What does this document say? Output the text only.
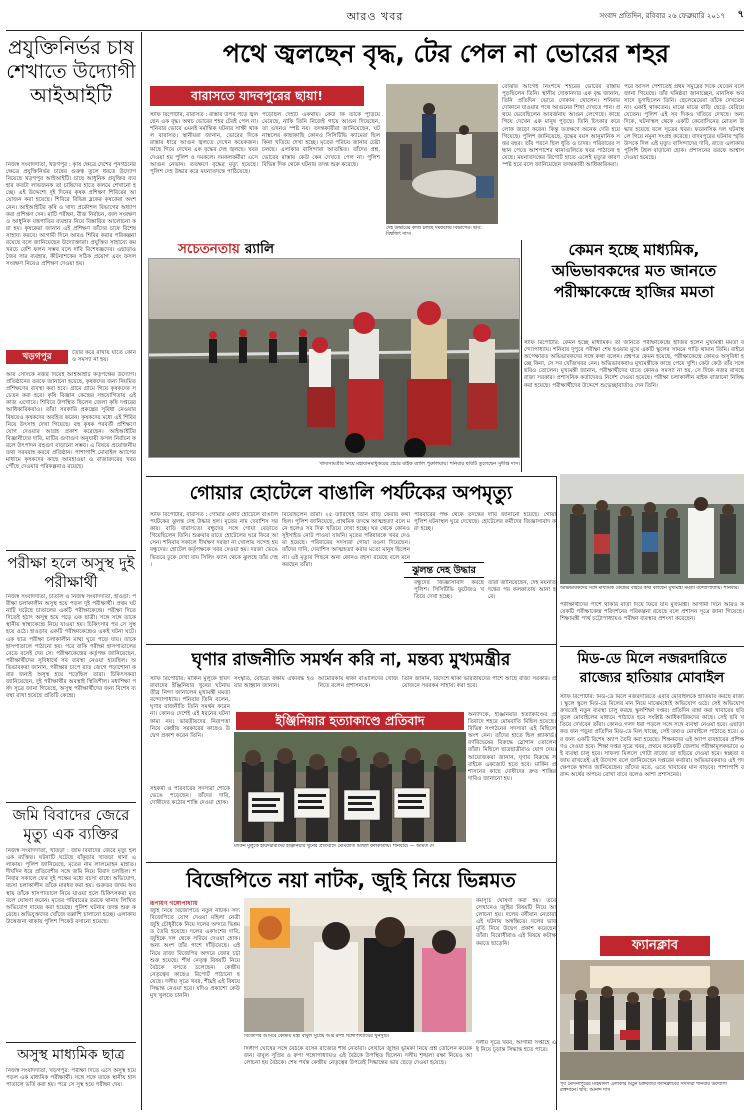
আরও খবর	সংবাদ প্রতিদিন, রবিবার ২৬ ফেব্রুয়ারি ২০১৭	৭
প্রযুক্তিনির্ভর চাষ শেখাতে উদ্যোগী আইআইটি
নিজস্ব সংবাদদাতা, খড়গপুর : কৃষি ক্ষেত্রে দেশের পুনর্গঠনের ক্ষেত্রে প্রযুক্তিনির্ভর চাষের গুরুত্ব তুলে ধরতে উদ্যোগ নিয়েছে খড়গপুর আইআইটি। চাষে আধুনিক প্রযুক্তির ব্যবহার কতটা লাভজনক তা চাষিদের হাতে কলমে শেখানো হচ্ছে। এই উদ্দেশ্যে দুই দিনের কৃষক প্রশিক্ষণ শিবিরের আয়োজন করা হয়েছে। শিবিরে বিভিন্ন ব্লকের কৃষকেরা অংশ নেন। আইআইটির কৃষি ও খাদ্য প্রকৌশল বিভাগের অধ্যাপকরা প্রশিক্ষণ দেন। মাটি পরীক্ষা, বীজ নির্বাচন, জল সংরক্ষণ ও আধুনিক যন্ত্রপাতির ব্যবহার নিয়ে বিস্তারিত আলোচনা করা হয়। কৃষকেরা জানান এই প্রশিক্ষণ তাঁদের চাষে বিশেষ সাহায্য করবে। আগামী দিনে আরও শিবির করার পরিকল্পনা রয়েছে বলে জানিয়েছেন উদ্যোক্তারা। প্রযুক্তির সাহায্যে কম খরচে বেশি ফলন সম্ভব বলে দাবি বিশেষজ্ঞদের। এছাড়াও জৈব সার ব্যবহার, কীটনাশকের সঠিক প্রয়োগ এবং ফসল সংরক্ষণ নিয়েও প্রশিক্ষণ দেওয়া হয়।
খড়গপুর	তৈরি করে রাখায় যাতে কোনও সমস্যা না হয়।
আর সেদিকে নজর দিয়েই আইআইটি কর্তৃপক্ষের উদ্যোগ। প্রতিষ্ঠানের তরফে জানানো হয়েছে, কৃষকদের জন্য নিয়মিত প্রশিক্ষণের ব্যবস্থা করা হবে। গ্রামে গ্রামে গিয়ে কৃষকদের সচেতন করা হবে। কৃষি বিজ্ঞান কেন্দ্রের সহযোগিতায় এই কাজ এগোবে। শিবিরে উপস্থিত ছিলেন জেলা কৃষি দপ্তরের আধিকারিকরাও। তাঁরা সরকারি প্রকল্পের সুবিধা নেওয়ার বিষয়েও কৃষকদের অবহিত করেন। কৃষকদের মধ্যে এই শিবির নিয়ে উৎসাহ দেখা গিয়েছে। বহু কৃষক পরবর্তী প্রশিক্ষণে যোগ দেওয়ার আগ্রহ প্রকাশ করেছেন। আইআইটির বিজ্ঞানীদের দাবি, মাটির গুণাগুণ অনুযায়ী ফসল নির্বাচন করলে উৎপাদন বহুগুণ বাড়ানো সম্ভব। এ বিষয়ে প্রয়োজনীয় তথ্য সরবরাহ করবে প্রতিষ্ঠান। পাশাপাশি মোবাইল অ্যাপের মাধ্যমে কৃষকদের কাছে আবহাওয়া ও বাজারদরের খবর পৌঁছে দেওয়ার পরিকল্পনাও রয়েছে।
পরীক্ষা হলে অসুস্থ দুই পরীক্ষার্থী
নিজস্ব সংবাদদাতা, চাতাল ও নিজস্ব সংবাদদাতা, হাওড়া: পরীক্ষা চলাকালীন অসুস্থ হয়ে পড়ল দুই পরীক্ষার্থী। প্রথম ঘটনাটি ঘটেছে চাতালের একটি পরীক্ষাকেন্দ্রে। পরীক্ষা দিতে দিতেই হঠাৎ অসুস্থ হয়ে পড়ে এক ছাত্রী। সঙ্গে সঙ্গে তাকে স্থানীয় স্বাস্থ্যকেন্দ্রে নিয়ে যাওয়া হয়। চিকিৎসার পর সে সুস্থ হয়ে ওঠে। হাওড়ার একটি পরীক্ষাকেন্দ্রেও একই ঘটনা ঘটে। এক ছাত্র পরীক্ষা চলাকালীন মাথা ঘুরে পড়ে যায়। তাকে হাসপাতালে পাঠানো হয়। পরে বাকি পরীক্ষা হাসপাতালের বেডে বসেই দেয় সে। পরীক্ষাকেন্দ্রের কর্তৃপক্ষ জানিয়েছেন, পরীক্ষার্থীদের সুবিধার্থে সব ব্যবস্থা নেওয়া হয়েছিল। অভিভাবকরা জানান, পরীক্ষার চাপে রাত জেগে পড়াশোনা করার জন্যই অসুস্থ হয়ে পড়েছিল তারা। চিকিৎসকরা জানিয়েছেন, দুই পরীক্ষার্থীর অবস্থাই স্থিতিশীল। মধ্যশিক্ষা পর্ষদ সূত্রে জানা গিয়েছে, অসুস্থ পরীক্ষার্থীদের জন্য বিশেষ ব্যবস্থা রাখা হয়েছে প্রতিটি কেন্দ্রে।
জমি বিবাদের জেরে মৃত্যু এক ব্যক্তির
নিজস্ব সংবাদদাতা, খাতড়া : জমি বিবাদের জেরে মৃত্যু হল এক ব্যক্তির। ঘটনাটি ঘটেছে বাঁকুড়ার খাতড়া থানা এলাকায়। পুলিশ জানিয়েছে, মৃতের নাম লালমোহন মাহাত। দীর্ঘদিন ধরে প্রতিবেশীর সঙ্গে জমি নিয়ে বিবাদ চলছিল। শনিবার সকালে ফের দুই পক্ষের মধ্যে বচসা বাধে। অভিযোগ, বচসা চলাকালীন তাঁকে মারধর করা হয়। গুরুতর জখম অবস্থায় তাঁকে হাসপাতালে নিয়ে যাওয়া হলে চিকিৎসকরা মৃত বলে ঘোষণা করেন। মৃতের পরিবারের তরফে থানায় লিখিত অভিযোগ দায়ের করা হয়েছে। পুলিশ ঘটনার তদন্ত শুরু করেছে। অভিযুক্তদের খোঁজে তল্লাশি চালানো হচ্ছে। এলাকায় উত্তেজনা থাকায় পুলিশ পিকেট বসানো হয়েছে।
অসুস্থ মাধ্যমিক ছাত্র
নিজস্ব সংবাদদাতা, খড়গপুর: পরীক্ষা দিতে এসে অসুস্থ হয়ে পড়ল এক মাধ্যমিক পরীক্ষার্থী। সঙ্গে সঙ্গে তাকে স্থানীয় হাসপাতালে ভর্তি করা হয়। পরে সে সুস্থ হয়ে পরীক্ষা দেয়।
পথে জ্বলছেন বৃদ্ধ, টের পেল না ভোরের শহর
বারাসতে যাদবপুরের ছায়া!
স্টাফ রিপোর্টার, বারাসত : রাস্তার উপর পড়ে জ্বলছেন এক বৃদ্ধ। অথচ ভোরের শহর টেরই পেল না। শনিবার ভোরে এমনই মর্মান্তিক ঘটনার সাক্ষী থাকল বারাসত। স্থানীয়রা জানান, ভোরের দিকে রাস্তার ধারে আগুন জ্বলতে দেখেন কয়েকজন। কাছে গিয়ে দেখেন এক বৃদ্ধের দেহ জ্বলছে। খবর দেওয়া হয় পুলিশ ও দমকলে। দমকলকর্মীরা এসে আগুন নেভান। ততক্ষণে বৃদ্ধের মৃত্যু হয়েছে। পুলিশ দেহ উদ্ধার করে ময়নাতদন্তে পাঠিয়েছে।
পড়েছিল দেহটি একথায়। কেউ কি তাঁকে পুড়িয়ে মেরেছে, নাকি তিনি নিজেই গায়ে আগুন দিয়েছেন, তা এখনও স্পষ্ট নয়। তদন্তকারীরা জানিয়েছেন, ঘটনাস্থলের কাছাকাছি কোনও সিসিটিভি ক্যামেরা ছিল কিনা খতিয়ে দেখা হচ্ছে। মৃতের পরিচয় জানার চেষ্টা চলছে। এলাকার বাসিন্দারা আতঙ্কিত। তাঁদের প্রশ্ন, ভোরের রাস্তায় কেউ কেন দেখতে পেল না। পুলিশ বিভিন্ন দিক থেকে ঘটনার তদন্ত শুরু করেছে।
দেহ উদ্ধারের কাজ চলছে দমকলের বিভাগের। ছবি: বিশ্বজিৎ দাস।
বোঝার আগেই নিঃশব্দে শহরের ভোরের রাস্তায় পুড়ছিলেন তিনি। স্থানীয় দোকানদার এক বৃদ্ধ জানান, তিনি প্রতিদিন ভোরে দোকান খোলেন। শনিবার দোকানে যাওয়ার পথে আগুনের শিখা দেখতে পান। প্রথমে ভেবেছিলেন আবর্জনায় আগুন লেগেছে। কাছে গিয়ে দেখেন এক মানুষ পুড়ছে। তিনি চিৎকার করে লোক জড়ো করেন। কিন্তু ততক্ষণে অনেক দেরি হয়ে গিয়েছে। পুলিশ জানিয়েছে, বৃদ্ধের বয়স আনুমানিক সত্তর বছর। তাঁর পরনে ছিল ধুতি ও চাদর। পরিবারের সন্ধান পেতে আশপাশের থানাগুলিতে খবর পাঠানো হয়েছে। ময়নাতদন্তের রিপোর্ট হাতে এলেই মৃত্যুর কারণ স্পষ্ট হবে বলে জানিয়েছেন তদন্তকারী আধিকারিকরা।
পরে আসল পেশাতেই প্রথম সমুদ্রের দিকে যেতেন বলে জানা গিয়েছে। তাঁর ঘনিষ্ঠরা জানাচ্ছেন, মানসিক অবসাদে ভুগছিলেন তিনি। ছেলেমেয়েরা তাঁকে দেখতেন না। একাই থাকতেন। মাঝে মাঝে বাড়ি ছেড়ে বেরিয়ে যেতেন। পুলিশ এই সব দিকও খতিয়ে দেখছে। অন্যদিকে, ঘটনাস্থল থেকে একটি কেরোসিনের বোতল উদ্ধার হয়েছে বলে সূত্রের খবর। ফরেনসিক দল ঘটনাস্থলে গিয়ে নমুনা সংগ্রহ করেছে। যাদবপুরের ঘটনার স্মৃতি উসকে দিল এই মৃত্যু। বাসিন্দাদের দাবি, রাতে এলাকায় পুলিশি টহল বাড়ানো হোক। প্রশাসনের তরফে আশ্বাস দেওয়া হয়েছে।
সচেতনতায় র‌্যালি
খাদ্যসামগ্রীর নিয়ে মহাযানমাধুকরের প্রচার বাইক র‌্যালি পুরুলিয়ায়। শনিবার ছবিটি তুলেছেন সুদীপ্ত দাস।
কেমন হচ্ছে মাধ্যমিক, অভিভাবকদের মত জানতে পরীক্ষাকেন্দ্রে হাজির মমতা
স্টাফ রিপোর্টার: কেমন হচ্ছে মাধ্যমিক। তা জানতে পরীক্ষাকেন্দ্রে হাজির হলেন মুখ্যমন্ত্রী মমতা বন্দ্যোপাধ্যায়। শনিবার দুপুরে পরীক্ষা শেষ হওয়ার মুখে একটি স্কুলের সামনে গাড়ি থামান তিনি। বাইরে অপেক্ষারত অভিভাবকদের সঙ্গে কথা বলেন। প্রশ্নপত্র কেমন হয়েছে, পরীক্ষাকেন্দ্রে কোনও অসুবিধা হচ্ছে কিনা, সে সব খোঁজখবর নেন। অভিভাবকরাও মুখ্যমন্ত্রীকে কাছে পেয়ে খুশি। কেউ কেউ তাঁর সঙ্গে ছবিও তোলেন। মুখ্যমন্ত্রী জানান, পরীক্ষার্থীদের যাতে কোনও সমস্যা না হয়, সে দিকে নজর রাখছে রাজ্য সরকার। প্রশাসনিক কর্তাদেরও নির্দেশ দেওয়া হয়েছে। পরীক্ষা চলাকালীন মাইক বাজানো নিষিদ্ধ করা হয়েছে। পরীক্ষার্থীদের উদ্দেশে শুভেচ্ছাবার্তাও দেন তিনি।
অভিভাবকদের সঙ্গে মাধ্যমিক কেন্দ্রের বাইরে কথা বলছেন মুখ্যমন্ত্রী মমতা বন্দ্যোপাধ্যায়। শনিবার।
পরীক্ষার্থীদের পাশে থাকার বার্তা দিয়ে ফিরে যান মুখ্যমন্ত্রী। আগামী দিনে আরও কয়েকটি পরীক্ষাকেন্দ্র পরিদর্শনের পরিকল্পনা রয়েছে বলে প্রশাসন সূত্রে জানা গিয়েছে। শিক্ষামন্ত্রী পার্থ চট্টোপাধ্যায়ও পরীক্ষা ব্যবস্থার প্রশংসা করেছেন।
গোয়ার হোটেলে বাঙালি পর্যটকের অপমৃত্যু
স্টাফ রিপোর্টার, বারাসত : গোয়ার একটি হোটেলে বাঙালি পর্যটকের ঝুলন্ত দেহ উদ্ধার হল। মৃতের নাম দেবাশিস সরকার। বাড়ি বারাসতে। বন্ধুদের সঙ্গে গোয়া বেড়াতে গিয়েছিলেন তিনি। শুক্রবার রাতে হোটেলের ঘরে ফিরে আসেন। শনিবার সকালে দীর্ঘক্ষণ দরজা না খোলায় সন্দেহ হয় বন্ধুদের। হোটেল কর্তৃপক্ষকে খবর দেওয়া হয়। দরজা ভেঙে ভিতরে ঢুকে দেখা যায় সিলিং ফ্যান থেকে ঝুলছে তাঁর দেহ।
বিয়েছিলেন তাঁরা। ২৫ তারিখেই তিনি বাড়ি ফেরার কথা ছিল। পুলিশ জানিয়েছে, প্রাথমিক তদন্তে আত্মহত্যা বলে মনে হলেও সব দিক খতিয়ে দেখা হচ্ছে। ঘর থেকে কোনও সুইসাইড নোট পাওয়া যায়নি। মৃতের পরিবারকে খবর দেওয়া হয়েছে। পরিবারের সদস্যরা গোয়া রওনা দিয়েছেন। তাঁদের দাবি, দেবাশিস আত্মহত্যা করার মতো মানুষ ছিলেন না। এই মৃত্যুর পিছনে অন্য কোনও রহস্য রয়েছে বলে মনে করছেন তাঁরা।
ঝুলন্ত দেহ উদ্ধার
পরিবারের পক্ষ থেকে তদন্তের দাবি জানানো হয়েছে। গোয়া পুলিশ ঘটনাস্থল ঘুরে দেখেছে। হোটেলের কর্মীদের জিজ্ঞাসাবাদ করা হচ্ছে।
তাঁরা জানিয়েছেন, দেহ ময়নাতদন্তের পর কলকাতায় আনা হবে।
বন্ধুদের জিজ্ঞাসাবাদ করছে পুলিশ। সিসিটিভি ফুটেজও খতিয়ে দেখা হচ্ছে।
ঘৃণার রাজনীতি সমর্থন করি না, মন্তব্য মুখ্যমন্ত্রীর
স্টাফ রিপোর্টার: মার্কিন মুলুকে হায়দরাবাদের ইঞ্জিনিয়ার খুনের ঘটনায় তীব্র নিন্দা জানালেন মুখ্যমন্ত্রী মমতা বন্দ্যোপাধ্যায়। শনিবার তিনি বলেন, ঘৃণার রাজনীতি তিনি সমর্থন করেন না। কোনও দেশেই এই ধরনের ঘটনা কাম্য নয়। ভারতীয়দের নিরাপত্তা নিয়ে কেন্দ্রীয় সরকারের কাছেও উদ্বেগ প্রকাশ করেন তিনি।
সংস্কৃতি, বৈচিত্র্য রক্ষায় ঐক্যবদ্ধ হওয়ার আহ্বান জানান।
আমেরিকায় থাকা বাঙালিদের খোঁজ নিতে বলেন প্রশাসনকে।
তিনি জানান, বিদেশে থাকা ভারতীয়দের পাশে আছে রাজ্য সরকার। প্রয়োজনে সবরকম সাহায্য করা হবে।
ইঞ্জিনিয়ার হত্যাকাণ্ডে প্রতিবাদ
মার্কিন মুলুকে হায়দরাবাদের ইঞ্জিনিয়ার খুনের প্রতিবাদে মোমবাতি মিছিল কলকাতায়। শনিবার। — অমিত দে
অন্যদিকে, ইঞ্জিনিয়ার হত্যাকাণ্ডের প্রতিবাদে শহরে মোমবাতি মিছিল হয়েছে। বিভিন্ন সংগঠনের সদস্যরা এই মিছিলে অংশ নেন। তাঁদের হাতে ছিল প্ল্যাকার্ড। বর্ণবিদ্বেষের বিরুদ্ধে স্লোগান তোলেন তাঁরা। মিছিলে ছাত্রছাত্রীরাও যোগ দেয়। আয়োজকরা জানান, ঘৃণার বিরুদ্ধে সবাইকে একজোট হতে হবে। মার্কিন প্রশাসনের কাছে দোষীদের দ্রুত শাস্তির দাবিও জানানো হয়।
সহকর্মী ও পরিবারের সদস্যরা শোকে ভেঙে পড়েছেন। তাঁদের দাবি, দোষীদের কঠোর শাস্তি দেওয়া হোক।
মিড-ডে মিলে নজরদারিতে রাজ্যের হাতিয়ার মোবাইল
স্টাফ রিপোর্টার: মিড-ডে মিলে নজরদারিতে এবার মোবাইলকে হাতিয়ার করছে রাজ্য। স্কুলে স্কুলে মিড-ডে মিলের মান নিয়ে মাঝেমধ্যেই অভিযোগ ওঠে। সেই অভিযোগ রুখতেই নতুন ব্যবস্থা চালু করছে স্কুলশিক্ষা দপ্তর। প্রতিদিন রান্না করা খাবারের ছবি তুলে মোবাইলের মাধ্যমে পাঠাতে হবে সংশ্লিষ্ট আধিকারিকদের কাছে। সেই ছবি খতিয়ে দেখবেন তাঁরা। কোনও গলদ ধরা পড়লে সঙ্গে সঙ্গে ব্যবস্থা নেওয়া হবে। এছাড়া কত জন পড়ুয়া প্রতিদিন মিড-ডে মিল খাচ্ছে, সেই তথ্যও মোবাইলে পাঠাতে হবে। এর জন্য একটি বিশেষ অ্যাপ তৈরি করা হয়েছে। শিক্ষকদের এই অ্যাপ ব্যবহারের প্রশিক্ষণও দেওয়া হবে। শিক্ষা দপ্তর সূত্রে খবর, প্রথমে কয়েকটি জেলায় পরীক্ষামূলকভাবে এই ব্যবস্থা চালু হবে। সাফল্য মিললে গোটা রাজ্যে তা ছড়িয়ে দেওয়া হবে। স্বচ্ছতা বজায় রাখতেই এই উদ্যোগ বলে জানিয়েছেন দপ্তরের কর্তারা। অভিভাবকরাও এই পদক্ষেপকে স্বাগত জানিয়েছেন। তাঁদের মতে, এতে খাবারের মান বাড়বে। পাশাপাশি বরাদ্দ অর্থের অপচয় রোখা যাবে বলেও আশা প্রশাসনের।
বিজেপিতে নয়া নাটক, জুহি নিয়ে ভিন্নমত
রূপায়ণ গঙ্গোপাধ্যায়
জুহি নিয়ে বিজেপিতে নতুন নাটক। সদ্য বিজেপিতে যোগ দেওয়া মহিলা নেত্রী জুহি চৌধুরীকে নিয়ে দলের অন্দরে ভিন্নমত তৈরি হয়েছে। দলের একাংশের দাবি, জুহিকে দল থেকে সরিয়ে দেওয়া হোক। অন্য অংশ তাঁর পাশে দাঁড়িয়েছে। এই নিয়ে রাজ্য বিজেপির অন্দরে জোর চর্চা শুরু হয়েছে। শীর্ষ নেতৃত্ব বিষয়টি নিয়ে বৈঠকে বসতে চলেছেন। কেন্দ্রীয় নেতৃত্বের কাছেও রিপোর্ট পাঠানো হয়েছে। দলীয় সূত্রে খবর, শীঘ্রই এই বিষয়ে সিদ্ধান্ত নেওয়া হবে। যদিও প্রকাশ্যে কেউ মুখ খুলতে চাননি।
বিজেপির আসরে কেন্দ্রীয় মন্ত্রী বাবুল সুপ্রিয় আর রুপা গঙ্গোপাধ্যায়ের খুনসুটি।
কর্মসূচি ঘোষণা করা হয়। তবে সেখানেও জুহির বিষয়টি নিয়ে আলোচনা হয়। দলের বর্ষীয়ান নেতারা এই ঘটনায় অস্বস্তিতে। দলের ভাবমূর্তি নিয়ে উদ্বেগ প্রকাশ করেছেন তাঁরা। বিরোধীরাও এই বিষয়ে কটাক্ষ করতে ছাড়েনি।
দিলীপ ঘোষের সঙ্গে বৈঠকে বসেন রাজ্যের শীর্ষ নেতারা। সেখানে জুহির ভূমিকা নিয়ে প্রশ্ন তোলেন কয়েকজন। বাবুল সুপ্রিয় ও রুপা গঙ্গোপাধ্যায়ও এই বৈঠকে উপস্থিত ছিলেন। দলীয় শৃঙ্খলা রক্ষা নিয়েও আলোচনা হয় বৈঠকে। শেষ পর্যন্ত কেন্দ্রীয় নেতৃত্বের উপরেই সিদ্ধান্তের ভার ছেড়ে দেওয়া হয়েছে।
দলীয় সূত্রে খবর, আগামী সপ্তাহে এই নিয়ে চূড়ান্ত সিদ্ধান্ত হতে পারে।
ফ্যানক্লাব
পূর্ব মেদিনীপুরের মহিষাদল এলাকার মিঠুন চক্রবর্তীর ফ্যানক্লাবের সদস্যরা শনিবার উদ্যোগী রক্তদানে। ছবি: আনন্দ দাস
